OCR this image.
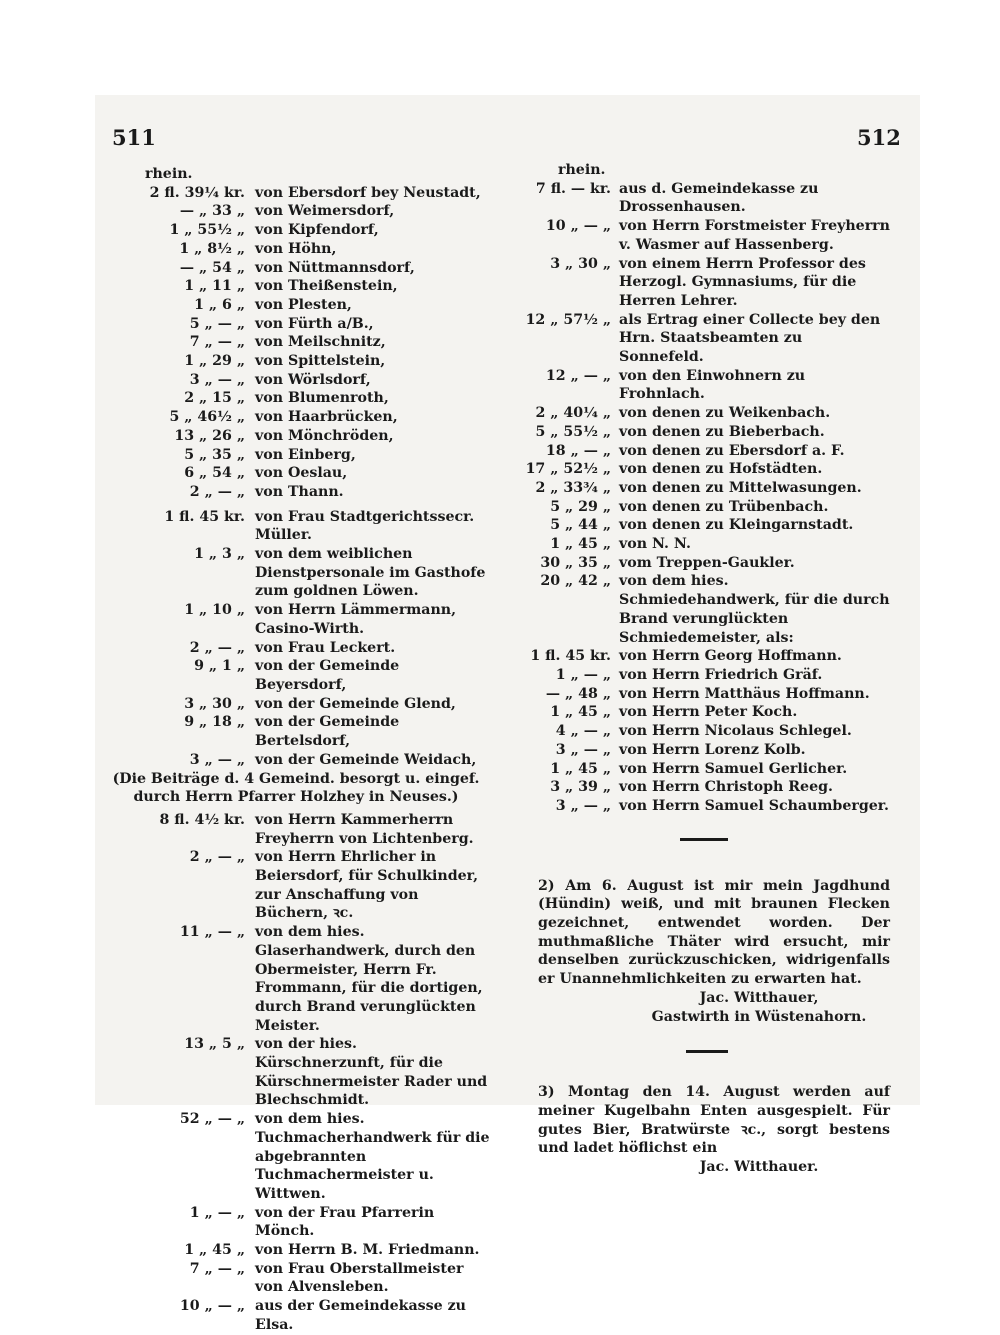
511	512
rhein.
2 fl. 39¼ kr. von Ebersdorf bey Neustadt,
— „ 33 „ von Weimersdorf,
1 „ 55½ „ von Kipfendorf,
1 „ 8½ „ von Höhn,
— „ 54 „ von Nüttmannsdorf,
1 „ 11 „ von Theißenstein,
1 „ 6 „ von Plesten,
5 „ — „ von Fürth a/B.,
7 „ — „ von Meilschnitz,
1 „ 29 „ von Spittelstein,
3 „ — „ von Wörlsdorf,
2 „ 15 „ von Blumenroth,
5 „ 46½ „ von Haarbrücken,
13 „ 26 „ von Mönchröden,
5 „ 35 „ von Einberg,
6 „ 54 „ von Oeslau,
2 „ — „ von Thann.
1 fl. 45 kr. von Frau Stadtgerichtssecr. Müller.
1 „ 3 „ von dem weiblichen Dienstpersonale im Gasthofe zum goldnen Löwen.
1 „ 10 „ von Herrn Lämmermann, Casino-Wirth.
2 „ — „ von Frau Leckert.
9 „ 1 „ von der Gemeinde Beyersdorf,
3 „ 30 „ von der Gemeinde Glend,
9 „ 18 „ von der Gemeinde Bertelsdorf,
3 „ — „ von der Gemeinde Weidach,
(Die Beiträge d. 4 Gemeind. besorgt u. eingef. durch Herrn Pfarrer Holzhey in Neuses.)
8 fl. 4½ kr. von Herrn Kammerherrn Freyherrn von Lichtenberg.
2 „ — „ von Herrn Ehrlicher in Beiersdorf, für Schulkinder, zur Anschaffung von Büchern, ꝛc.
11 „ — „ von dem hies. Glaserhandwerk, durch den Obermeister, Herrn Fr. Frommann, für die dortigen, durch Brand verunglückten Meister.
13 „ 5 „ von der hies. Kürschnerzunft, für die Kürschnermeister Rader und Blechschmidt.
52 „ — „ von dem hies. Tuchmacherhandwerk für die abgebrannten Tuchmachermeister u. Wittwen.
1 „ — „ von der Frau Pfarrerin Mönch.
1 „ 45 „ von Herrn B. M. Friedmann.
7 „ — „ von Frau Oberstallmeister von Alvensleben.
10 „ — „ aus der Gemeindekasse zu Elsa.
rhein.
7 fl. — kr. aus d. Gemeindekasse zu Drossenhausen.
10 „ — „ von Herrn Forstmeister Freyherrn v. Wasmer auf Hassenberg.
3 „ 30 „ von einem Herrn Professor des Herzogl. Gymnasiums, für die Herren Lehrer.
12 „ 57½ „ als Ertrag einer Collecte bey den Hrn. Staatsbeamten zu Sonnefeld.
12 „ — „ von den Einwohnern zu Frohnlach.
2 „ 40¼ „ von denen zu Weikenbach.
5 „ 55½ „ von denen zu Bieberbach.
18 „ — „ von denen zu Ebersdorf a. F.
17 „ 52½ „ von denen zu Hofstädten.
2 „ 33¾ „ von denen zu Mittelwasungen.
5 „ 29 „ von denen zu Trübenbach.
5 „ 44 „ von denen zu Kleingarnstadt.
1 „ 45 „ von N. N.
30 „ 35 „ vom Treppen-Gaukler.
20 „ 42 „ von dem hies. Schmiedehandwerk, für die durch Brand verunglückten Schmiedemeister, als:
1 fl. 45 kr. von Herrn Georg Hoffmann.
1 „ — „ von Herrn Friedrich Gräf.
— „ 48 „ von Herrn Matthäus Hoffmann.
1 „ 45 „ von Herrn Peter Koch.
4 „ — „ von Herrn Nicolaus Schlegel.
3 „ — „ von Herrn Lorenz Kolb.
1 „ 45 „ von Herrn Samuel Gerlicher.
3 „ 39 „ von Herrn Christoph Reeg.
3 „ — „ von Herrn Samuel Schaumberger.
2) Am 6. August ist mir mein Jagdhund (Hündin) weiß, und mit braunen Flecken gezeichnet, entwendet worden. Der muthmaßliche Thäter wird ersucht, mir denselben zurückzuschicken, widrigenfalls er Unannehmlichkeiten zu erwarten hat.
Jac. Witthauer,
Gastwirth in Wüstenahorn.
3) Montag den 14. August werden auf meiner Kugelbahn Enten ausgespielt. Für gutes Bier, Bratwürste ꝛc., sorgt bestens und ladet höflichst ein
Jac. Witthauer.
